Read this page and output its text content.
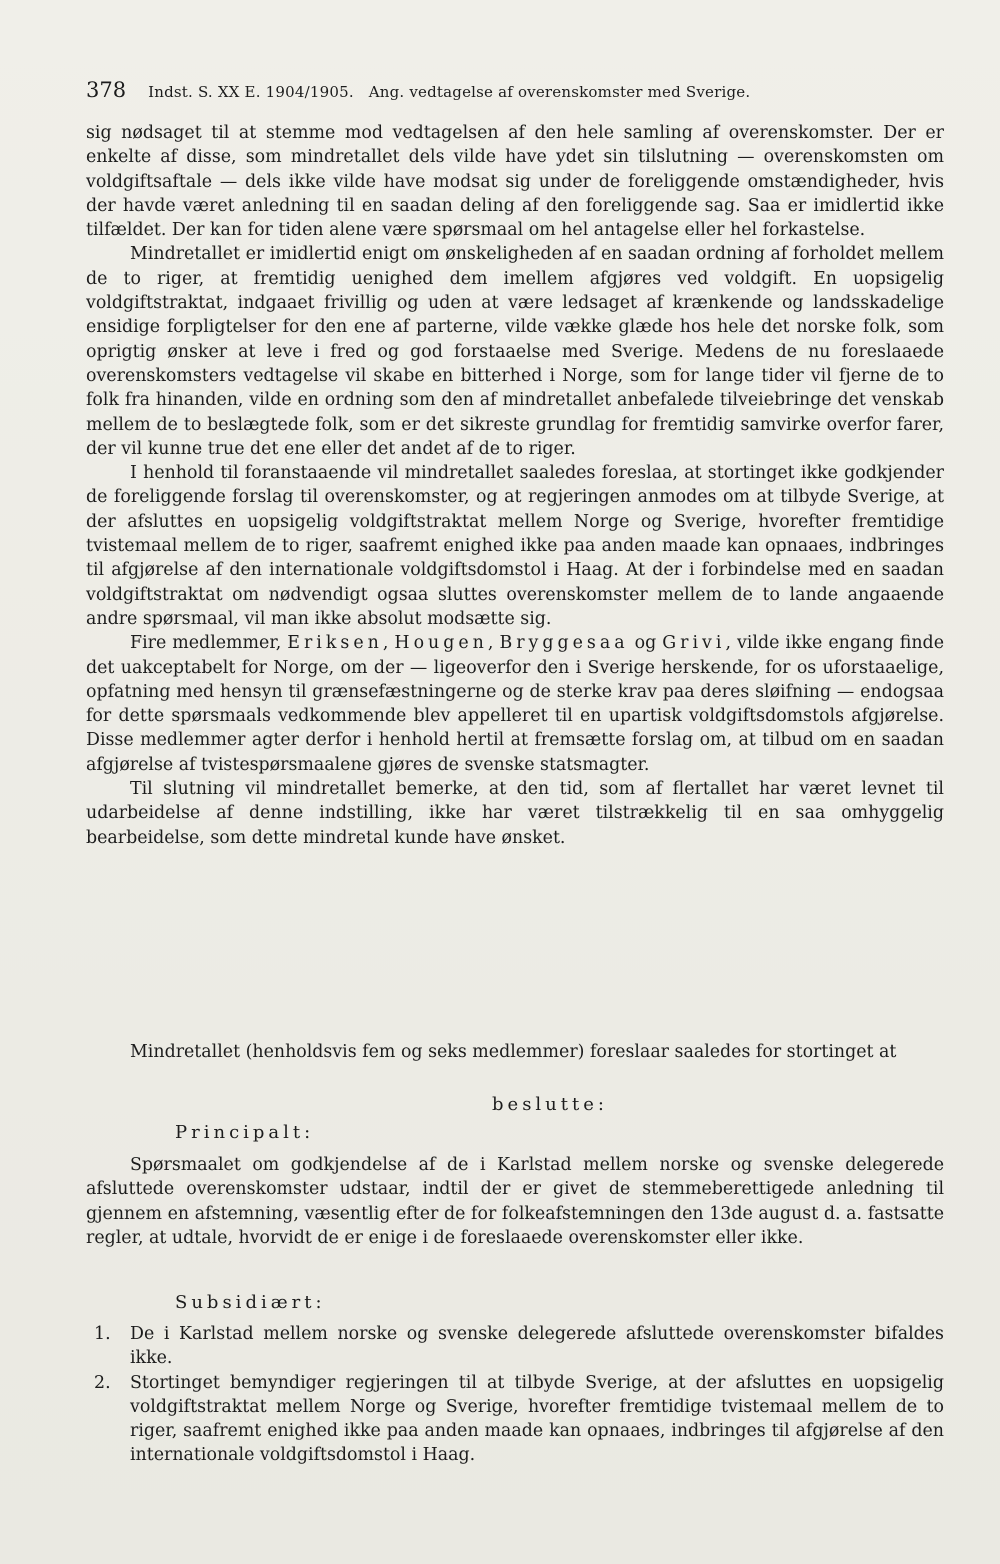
378 Indst. S. XX E. 1904/1905.   Ang. vedtagelse af overenskomster med Sverige.

sig nødsaget til at stemme mod vedtagelsen af den hele samling af overenskomster. Der er enkelte af disse, som mindretallet dels vilde have ydet sin tilslutning — overenskomsten om voldgiftsaftale — dels ikke vilde have modsat sig under de foreliggende omstændigheder, hvis der havde været anledning til en saadan deling af den foreliggende sag. Saa er imidlertid ikke tilfældet. Der kan for tiden alene være spørsmaal om hel antagelse eller hel forkastelse.

Mindretallet er imidlertid enigt om ønskeligheden af en saadan ordning af forholdet mellem de to riger, at fremtidig uenighed dem imellem afgjøres ved voldgift. En uopsigelig voldgiftstraktat, indgaaet frivillig og uden at være ledsaget af krænkende og landsskadelige ensidige forpligtelser for den ene af parterne, vilde vække glæde hos hele det norske folk, som oprigtig ønsker at leve i fred og god forstaaelse med Sverige. Medens de nu foreslaaede overenskomsters vedtagelse vil skabe en bitterhed i Norge, som for lange tider vil fjerne de to folk fra hinanden, vilde en ordning som den af mindretallet anbefalede tilveiebringe det venskab mellem de to beslægtede folk, som er det sikreste grundlag for fremtidig samvirke overfor farer, der vil kunne true det ene eller det andet af de to riger.

I henhold til foranstaaende vil mindretallet saaledes foreslaa, at stortinget ikke godkjender de foreliggende forslag til overenskomster, og at regjeringen anmodes om at tilbyde Sverige, at der afsluttes en uopsigelig voldgiftstraktat mellem Norge og Sverige, hvorefter fremtidige tvistemaal mellem de to riger, saafremt enighed ikke paa anden maade kan opnaaes, indbringes til afgjørelse af den internationale voldgiftsdomstol i Haag. At der i forbindelse med en saadan voldgiftstraktat om nødvendigt ogsaa sluttes overenskomster mellem de to lande angaaende andre spørsmaal, vil man ikke absolut modsætte sig.

Fire medlemmer, Eriksen, Hougen, Bryggesaa og Grivi, vilde ikke engang finde det uakceptabelt for Norge, om der — ligeoverfor den i Sverige herskende, for os uforstaaelige, opfatning med hensyn til grænsefæstningerne og de sterke krav paa deres sløifning — endogsaa for dette spørsmaals vedkommende blev appelleret til en upartisk voldgiftsdomstols afgjørelse. Disse medlemmer agter derfor i henhold hertil at fremsætte forslag om, at tilbud om en saadan afgjørelse af tvistespørsmaalene gjøres de svenske statsmagter.

Til slutning vil mindretallet bemerke, at den tid, som af flertallet har været levnet til udarbeidelse af denne indstilling, ikke har været tilstrækkelig til en saa omhyggelig bearbeidelse, som dette mindretal kunde have ønsket.

Mindretallet (henholdsvis fem og seks medlemmer) foreslaar saaledes for stortinget at

beslutte:
Principalt:

Spørsmaalet om godkjendelse af de i Karlstad mellem norske og svenske delegerede afsluttede overenskomster udstaar, indtil der er givet de stemmeberettigede anledning til gjennem en afstemning, væsentlig efter de for folkeafstemningen den 13de august d. a. fastsatte regler, at udtale, hvorvidt de er enige i de foreslaaede overenskomster eller ikke.

Subsidiært:
1.	De i Karlstad mellem norske og svenske delegerede afsluttede overenskomster bifaldes ikke.
2.	Stortinget bemyndiger regjeringen til at tilbyde Sverige, at der afsluttes en uopsigelig voldgiftstraktat mellem Norge og Sverige, hvorefter fremtidige tvistemaal mellem de to riger, saafremt enighed ikke paa anden maade kan opnaaes, indbringes til afgjørelse af den internationale voldgiftsdomstol i Haag.
